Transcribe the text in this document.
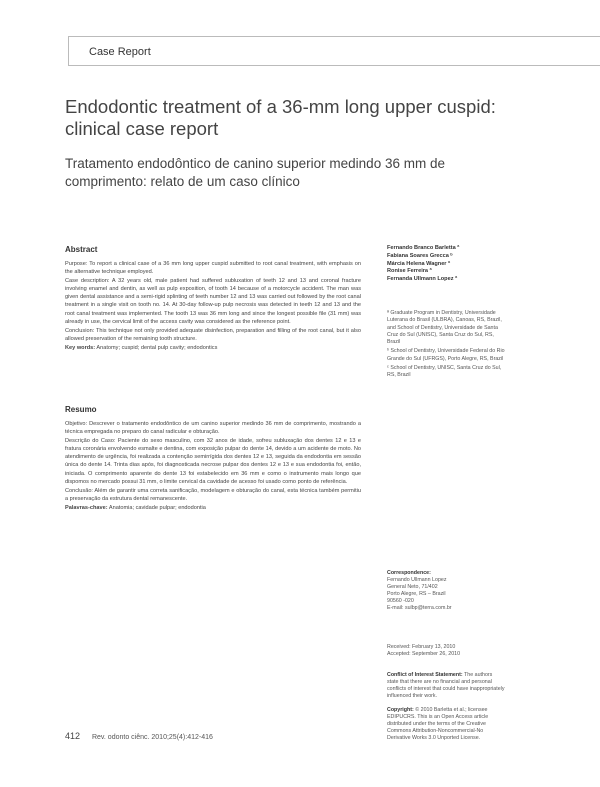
Case Report
Endodontic treatment of a 36-mm long upper cuspid: clinical case report
Tratamento endodôntico de canino superior medindo 36 mm de comprimento: relato de um caso clínico
Abstract

Purpose: To report a clinical case of a 36 mm long upper cuspid submitted to root canal treatment, with emphasis on the alternative technique employed.

Case description: A 32 years old, male patient had suffered subluxation of teeth 12 and 13 and coronal fracture involving enamel and dentin, as well as pulp exposition, of tooth 14 because of a motorcycle accident. The man was given dental assistance and a semi-rigid splinting of teeth number 12 and 13 was carried out followed by the root canal treatment in a single visit on tooth no. 14. At 30-day follow-up pulp necrosis was detected in teeth 12 and 13 and the root canal treatment was implemented. The tooth 13 was 36 mm long and since the longest possible file (31 mm) was already in use, the cervical limit of the access cavity was considered as the reference point.

Conclusion: This technique not only provided adequate disinfection, preparation and filling of the root canal, but it also allowed preservation of the remaining tooth structure.

Key words: Anatomy; cuspid; dental pulp cavity; endodontics

Resumo

Objetivo: Descrever o tratamento endodôntico de um canino superior medindo 36 mm de comprimento, mostrando a técnica empregada no preparo do canal radicular e obturação.

Descrição do Caso: Paciente do sexo masculino, com 32 anos de idade, sofreu subluxação dos dentes 12 e 13 e fratura coronária envolvendo esmalte e dentina, com exposição pulpar do dente 14, devido a um acidente de moto. No atendimento de urgência, foi realizada a contenção semirrígida dos dentes 12 e 13, seguida da endodontia em sessão única do dente 14. Trinta dias após, foi diagnosticada necrose pulpar dos dentes 12 e 13 e sua endodontia foi, então, iniciada. O comprimento aparente do dente 13 foi estabelecido em 36 mm e como o instrumento mais longo que dispomos no mercado possui 31 mm, o limite cervical da cavidade de acesso foi usado como ponto de referência.

Conclusão: Além de garantir uma correta sanificação, modelagem e obturação do canal, esta técnica também permitiu a preservação da estrutura dental remanescente.

Palavras-chave: Anatomia; cavidade pulpar; endodontia

Fernando Branco Barletta ª
Fabiana Soares Grecca ᵇ
Márcia Helena Wagner ª
Ronise Ferreira ª
Fernanda Ullmann Lopez ª

ª Graduate Program in Dentistry, Universidade Luterana do Brasil (ULBRA), Canoas, RS, Brazil, and School of Dentistry, Universidade de Santa Cruz do Sul (UNISC), Santa Cruz do Sul, RS, Brazil

ᵇ School of Dentistry, Universidade Federal do Rio Grande do Sul (UFRGS), Porto Alegre, RS, Brazil

ᶜ School of Dentistry, UNISC, Santa Cruz do Sul, RS, Brazil

Correspondence:

Fernando Ullmann Lopez

General Neto, 71/402

Porto Alegre, RS – Brazil

90560 -020

E-mail: sulbp@terra.com.br

Received: February 13, 2010

Accepted: September 26, 2010

Conflict of Interest Statement: The authors state that there are no financial and personal conflicts of interest that could have inappropriately influenced their work.

Copyright: © 2010 Barletta et al.; licensee EDIPUCRS. This is an Open Access article distributed under the terms of the Creative Commons Attribution-Noncommercial-No Derivative Works 3.0 Unported License.

412 Rev. odonto ciênc. 2010;25(4):412-416
